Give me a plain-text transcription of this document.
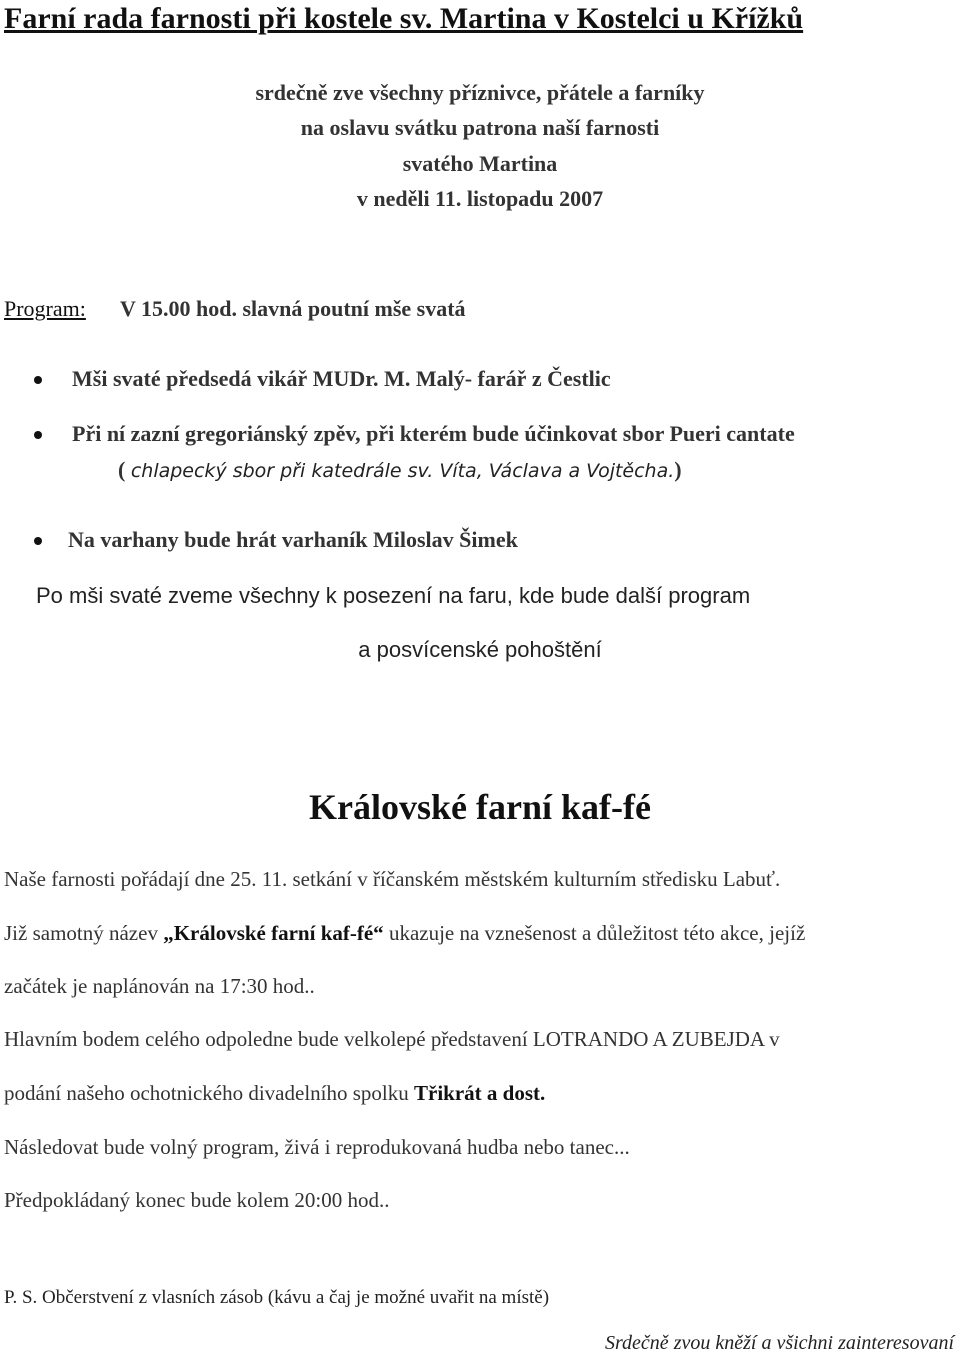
Farní rada farnosti při kostele sv. Martina v Kostelci u Křížků
srdečně zve všechny příznivce, přátele a farníky
na oslavu svátku patrona naší farnosti
svatého Martina
v neděli 11. listopadu 2007
Program: V 15.00 hod. slavná poutní mše svatá
Mši svaté předsedá vikář MUDr. M. Malý- farář z Čestlic
Při ní zazní gregoriánský zpěv, při kterém bude účinkovat sbor Pueri cantate
( chlapecký sbor při katedrále sv. Víta, Václava a Vojtěcha.)
Na varhany bude hrát varhaník Miloslav Šimek
Po mši svaté zveme všechny k posezení na faru, kde bude další program
a posvícenské pohoštění
Královské farní kaf-fé
Naše farnosti pořádají dne 25. 11. setkání v říčanském městském kulturním středisku Labuť.
Již samotný název „Královské farní kaf-fé“ ukazuje na vznešenost a důležitost této akce, jejíž
začátek je naplánován na 17:30 hod..
Hlavním bodem celého odpoledne bude velkolepé představení LOTRANDO A ZUBEJDA v
podání našeho ochotnického divadelního spolku Třikrát a dost.
Následovat bude volný program, živá i reprodukovaná hudba nebo tanec...
Předpokládaný konec bude kolem 20:00 hod..
P. S. Občerstvení z vlasních zásob (kávu a čaj je možné uvařit na místě)
Srdečně zvou kněží a všichni zainteresovaní
